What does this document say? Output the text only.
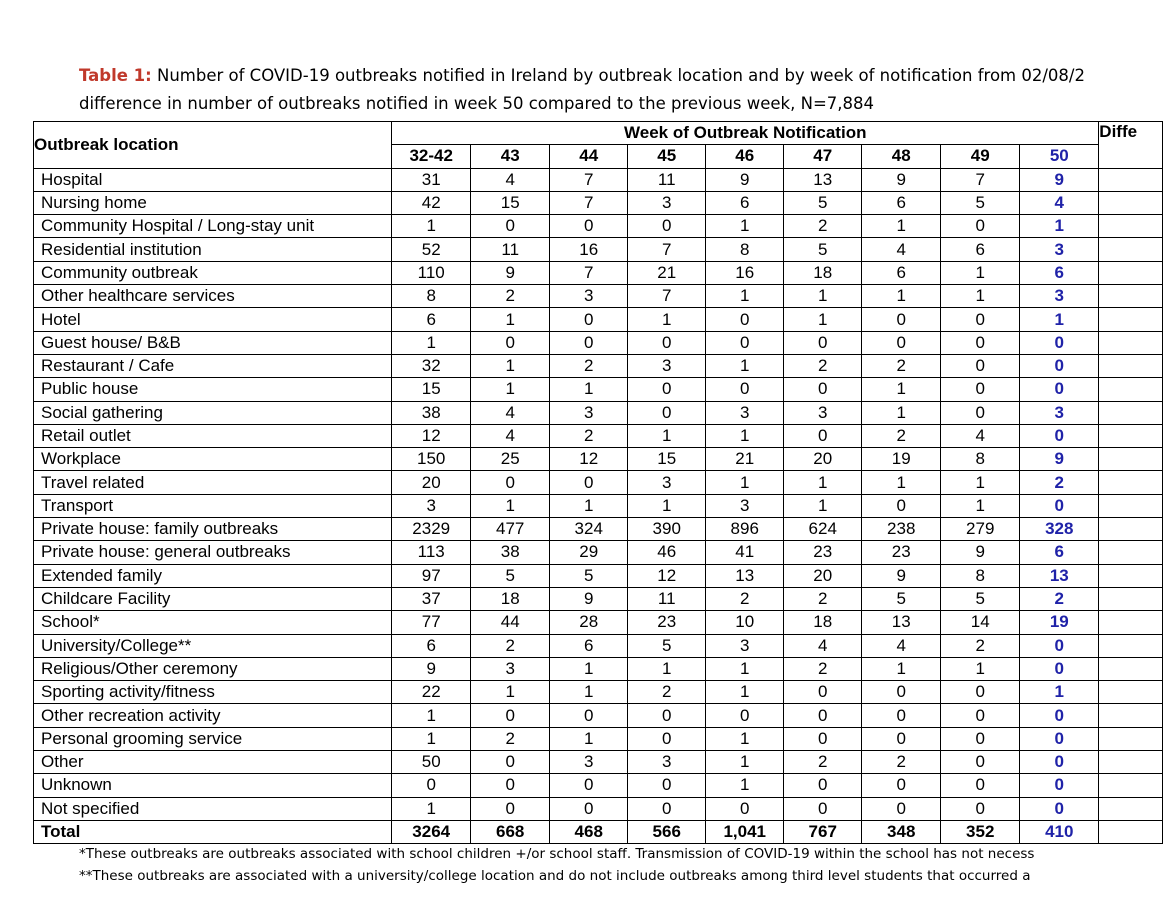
Table 1: Number of COVID-19 outbreaks notified in Ireland by outbreak location and by week of notification from 02/08/2
difference in number of outbreaks notified in week 50 compared to the previous week, N=7,884
Outbreak location	Week of Outbreak Notification									Diffe
	32-42	43	44	45	46	47	48	49	50	
Hospital	31	4	7	11	9	13	9	7	9	
Nursing home	42	15	7	3	6	5	6	5	4	
Community Hospital / Long-stay unit	1	0	0	0	1	2	1	0	1	
Residential institution	52	11	16	7	8	5	4	6	3	
Community outbreak	110	9	7	21	16	18	6	1	6	
Other healthcare services	8	2	3	7	1	1	1	1	3	
Hotel	6	1	0	1	0	1	0	0	1	
Guest house/ B&B	1	0	0	0	0	0	0	0	0	
Restaurant / Cafe	32	1	2	3	1	2	2	0	0	
Public house	15	1	1	0	0	0	1	0	0	
Social gathering	38	4	3	0	3	3	1	0	3	
Retail outlet	12	4	2	1	1	0	2	4	0	
Workplace	150	25	12	15	21	20	19	8	9	
Travel related	20	0	0	3	1	1	1	1	2	
Transport	3	1	1	1	3	1	0	1	0	
Private house: family outbreaks	2329	477	324	390	896	624	238	279	328	
Private house: general outbreaks	113	38	29	46	41	23	23	9	6	
Extended family	97	5	5	12	13	20	9	8	13	
Childcare Facility	37	18	9	11	2	2	5	5	2	
School*	77	44	28	23	10	18	13	14	19	
University/College**	6	2	6	5	3	4	4	2	0	
Religious/Other ceremony	9	3	1	1	1	2	1	1	0	
Sporting activity/fitness	22	1	1	2	1	0	0	0	1	
Other recreation activity	1	0	0	0	0	0	0	0	0	
Personal grooming service	1	2	1	0	1	0	0	0	0	
Other	50	0	3	3	1	2	2	0	0	
Unknown	0	0	0	0	1	0	0	0	0	
Not specified	1	0	0	0	0	0	0	0	0	
Total	3264	668	468	566	1,041	767	348	352	410	
*These outbreaks are outbreaks associated with school children +/or school staff. Transmission of COVID-19 within the school has not necess
**These outbreaks are associated with a university/college location and do not include outbreaks among third level students that occurred a
